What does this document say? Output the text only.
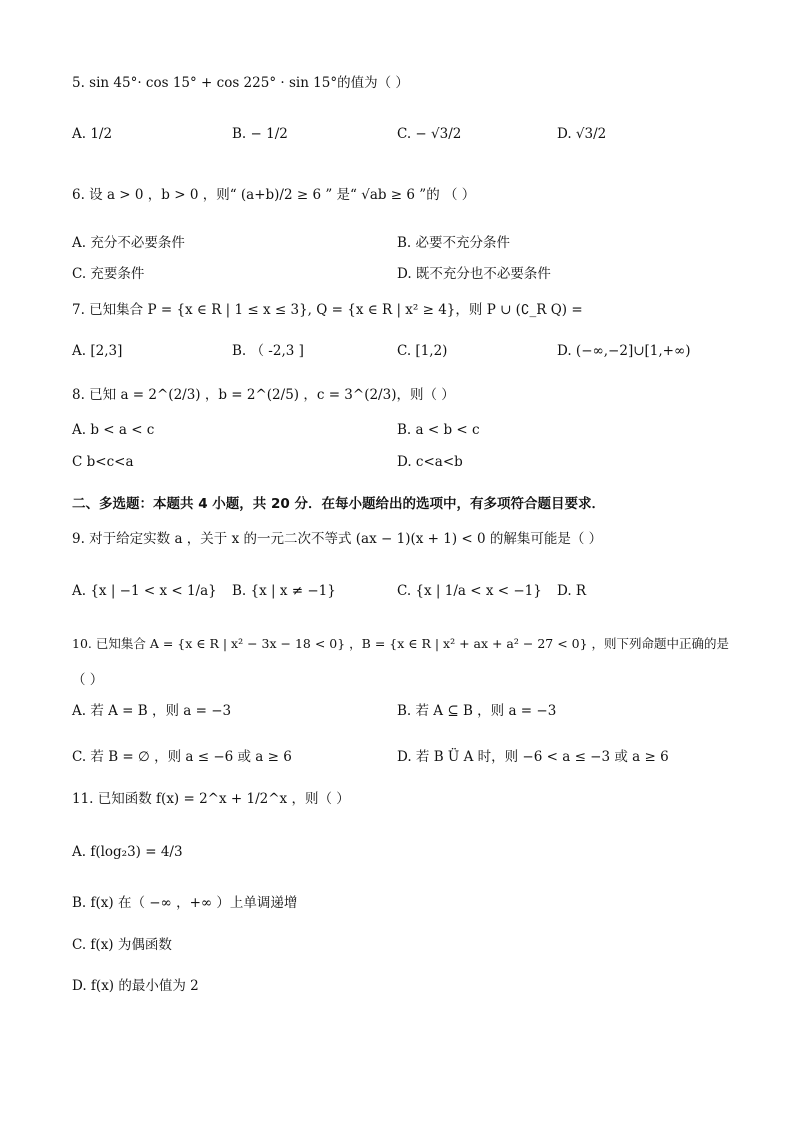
5. sin 45°· cos 15° + cos 225° · sin 15°的值为（ ）
A. 1/2	B. − 1/2	C. − √3/2	D. √3/2
6. 设 a > 0 ，b > 0 ，则“ (a+b)/2 ≥ 6 ” 是“ √ab ≥ 6 ”的 （ ）
A. 充分不必要条件	B. 必要不充分条件
C. 充要条件	D. 既不充分也不必要条件
7. 已知集合 P = {x ∈ R | 1 ≤ x ≤ 3}, Q = {x ∈ R | x² ≥ 4}，则 P ∪ (∁_R Q) =
A. [2,3]	B. （ -2,3 ]	C. [1,2)	D. (−∞,−2]∪[1,+∞)
8. 已知 a = 2^(2/3) ，b = 2^(2/5) ，c = 3^(2/3)，则（ ）
A. b < a < c	B. a < b < c
C b<c<a	D. c<a<b
二、多选题：本题共 4 小题，共 20 分．在每小题给出的选项中，有多项符合题目要求．
9. 对于给定实数 a ，关于 x 的一元二次不等式 (ax − 1)(x + 1) < 0 的解集可能是（ ）
A. {x | −1 < x < 1/a} B. {x | x ≠ −1}	C. {x | 1/a < x < −1} D. R
10. 已知集合 A = {x ∈ R | x² − 3x − 18 < 0} ，B = {x ∈ R | x² + ax + a² − 27 < 0} ，则下列命题中正确的是
（ ）
A. 若 A = B ，则 a = −3	B. 若 A ⊆ B ，则 a = −3
C. 若 B = ∅ ，则 a ≤ −6 或 a ≥ 6	D. 若 B Ü A 时，则 −6 < a ≤ −3 或 a ≥ 6
11. 已知函数 f(x) = 2^x + 1/2^x ，则（ ）
A. f(log₂3) = 4/3
B. f(x) 在（ −∞ ，+∞ ）上单调递增
C. f(x) 为偶函数
D. f(x) 的最小值为 2
